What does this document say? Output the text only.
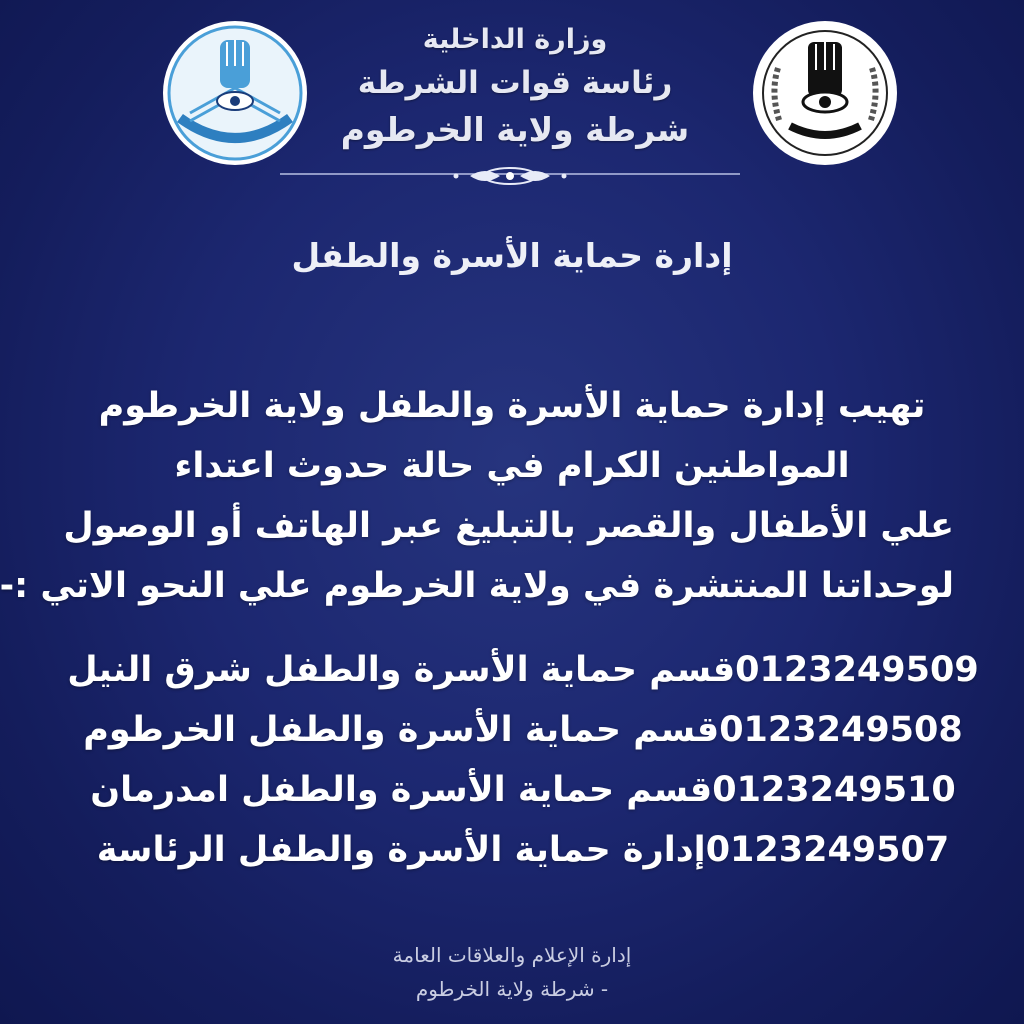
وزارة الداخلية
رئاسة قوات الشرطة
شرطة ولاية الخرطوم
إدارة حماية الأسرة والطفل
تهيب إدارة حماية الأسرة والطفل ولاية الخرطوم
المواطنين الكرام في حالة حدوث اعتداء
علي الأطفال والقصر بالتبليغ عبر الهاتف أو الوصول
لوحداتنا المنتشرة في ولاية الخرطوم علي النحو الاتي :-
0123249509
قسم حماية الأسرة والطفل شرق النيل
0123249508
قسم حماية الأسرة والطفل الخرطوم
0123249510
قسم حماية الأسرة والطفل امدرمان
0123249507
إدارة حماية الأسرة والطفل الرئاسة
إدارة الإعلام والعلاقات العامة
- شرطة ولاية الخرطوم
